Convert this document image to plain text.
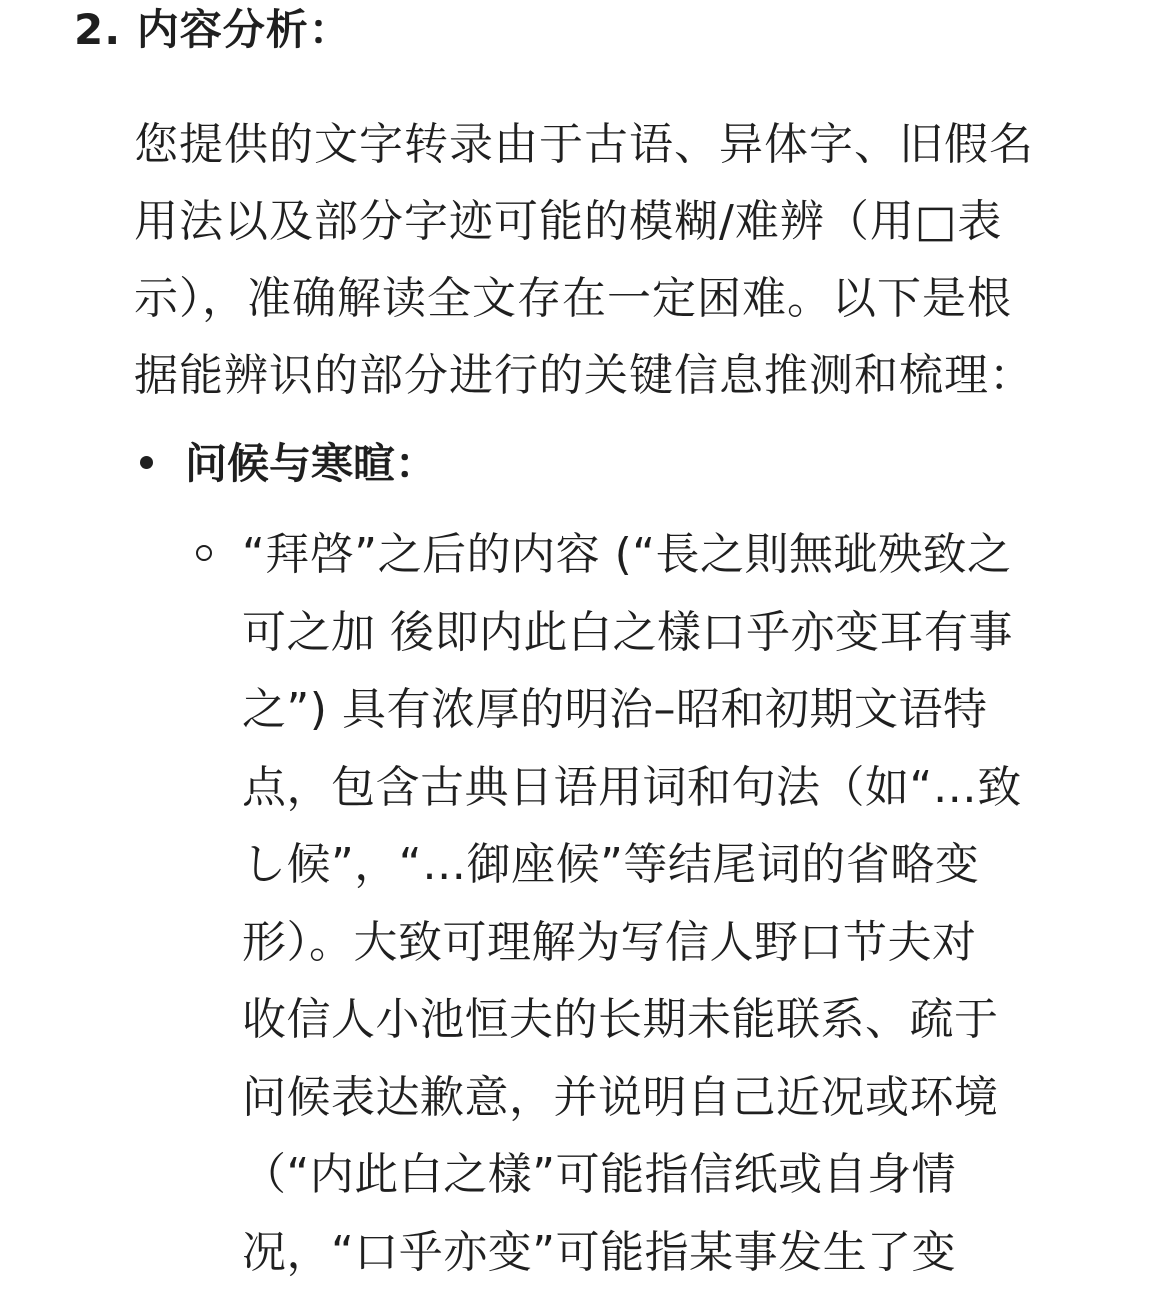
2. 内容分析：
您提供的文字转录由于古语、异体字、旧假名
用法以及部分字迹可能的模糊/难辨（用□表
示），准确解读全文存在一定困难。以下是根
据能辨识的部分进行的关键信息推测和梳理：
问候与寒暄：
“拜啓”之后的内容 (“長之則無玼殃致之
可之加 後即内此白之樣口乎亦变耳有事
之”) 具有浓厚的明治–昭和初期文语特
点，包含古典日语用词和句法（如“…致
し候”，“…御座候”等结尾词的省略变
形）。大致可理解为写信人野口节夫对
收信人小池恒夫的长期未能联系、疏于
问候表达歉意，并说明自己近况或环境
（“内此白之樣”可能指信纸或自身情
况，“口乎亦变”可能指某事发生了变
